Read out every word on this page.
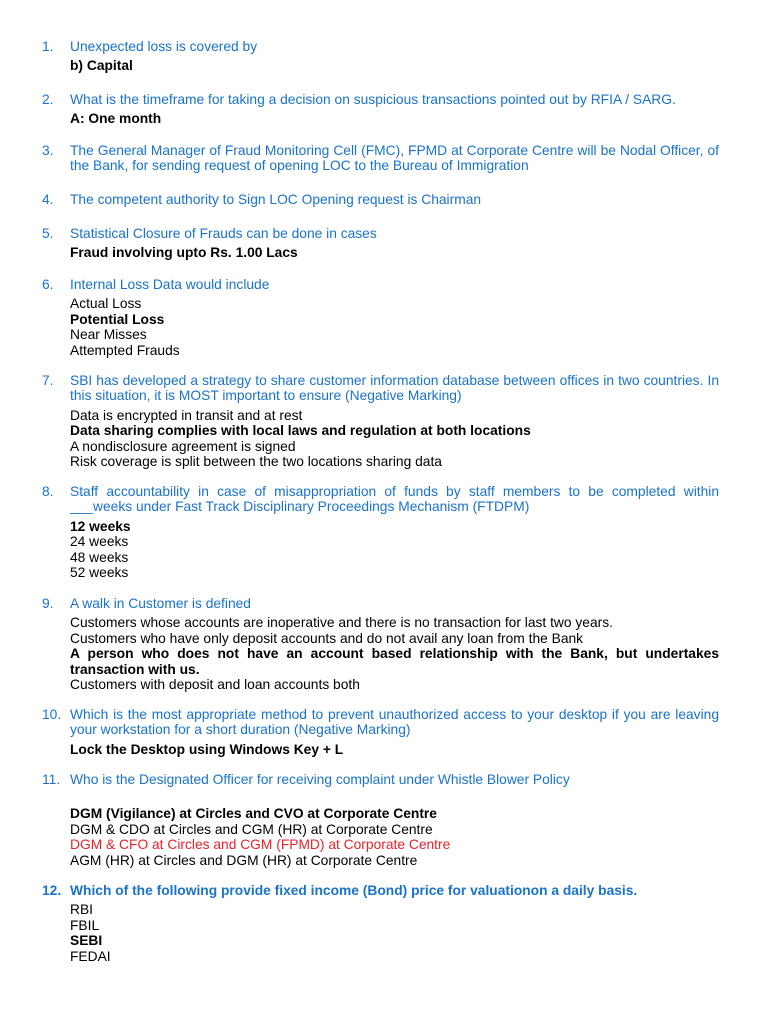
1. Unexpected loss is covered by
b) Capital
2. What is the timeframe for taking a decision on suspicious transactions pointed out by RFIA / SARG.
A: One month
3. The General Manager of Fraud Monitoring Cell (FMC), FPMD at Corporate Centre will be Nodal Officer, of the Bank, for sending request of opening LOC to the Bureau of Immigration
4. The competent authority to Sign LOC Opening request is Chairman
5. Statistical Closure of Frauds can be done in cases
Fraud involving upto Rs. 1.00 Lacs
6. Internal Loss Data would include
Actual Loss
Potential Loss
Near Misses
Attempted Frauds
7. SBI has developed a strategy to share customer information database between offices in two countries. In this situation, it is MOST important to ensure (Negative Marking)
Data is encrypted in transit and at rest
Data sharing complies with local laws and regulation at both locations
A nondisclosure agreement is signed
Risk coverage is split between the two locations sharing data
8. Staff accountability in case of misappropriation of funds by staff members to be completed within ___weeks under Fast Track Disciplinary Proceedings Mechanism (FTDPM)
12 weeks
24 weeks
48 weeks
52 weeks
9. A walk in Customer is defined
Customers whose accounts are inoperative and there is no transaction for last two years.
Customers who have only deposit accounts and do not avail any loan from the Bank
A person who does not have an account based relationship with the Bank, but undertakes transaction with us.
Customers with deposit and loan accounts both
10. Which is the most appropriate method to prevent unauthorized access to your desktop if you are leaving your workstation for a short duration (Negative Marking)
Lock the Desktop using Windows Key + L
11. Who is the Designated Officer for receiving complaint under Whistle Blower Policy
DGM (Vigilance) at Circles and CVO at Corporate Centre
DGM & CDO at Circles and CGM (HR) at Corporate Centre
DGM & CFO at Circles and CGM (FPMD) at Corporate Centre
AGM (HR) at Circles and DGM (HR) at Corporate Centre
12. Which of the following provide fixed income (Bond) price for valuationon a daily basis.
RBI
FBIL
SEBI
FEDAI
